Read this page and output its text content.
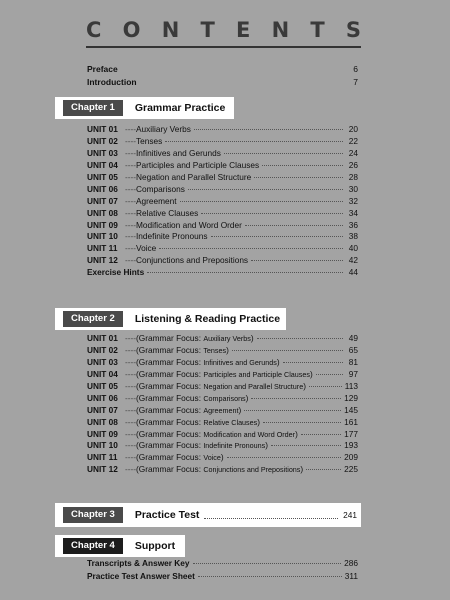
C O N T E N T S
Preface	6
Introduction	7
Chapter 1	Grammar Practice
UNIT 01 ---- Auxiliary Verbs	20
UNIT 02 ---- Tenses	22
UNIT 03 ---- Infinitives and Gerunds	24
UNIT 04 ---- Participles and Participle Clauses	26
UNIT 05 ---- Negation and Parallel Structure	28
UNIT 06 ---- Comparisons	30
UNIT 07 ---- Agreement	32
UNIT 08 ---- Relative Clauses	34
UNIT 09 ---- Modification and Word Order	36
UNIT 10 ---- Indefinite Pronouns	38
UNIT 11 ---- Voice	40
UNIT 12 ---- Conjunctions and Prepositions	42
Exercise Hints	44
Chapter 2	Listening & Reading Practice
UNIT 01 ---- (Grammar Focus: Auxiliary Verbs)	49
UNIT 02 ---- (Grammar Focus: Tenses)	65
UNIT 03 ---- (Grammar Focus: Infinitives and Gerunds)	81
UNIT 04 ---- (Grammar Focus: Participles and Participle Clauses)	97
UNIT 05 ---- (Grammar Focus: Negation and Parallel Structure)	113
UNIT 06 ---- (Grammar Focus: Comparisons)	129
UNIT 07 ---- (Grammar Focus: Agreement)	145
UNIT 08 ---- (Grammar Focus: Relative Clauses)	161
UNIT 09 ---- (Grammar Focus: Modification and Word Order)	177
UNIT 10 ---- (Grammar Focus: Indefinite Pronouns)	193
UNIT 11 ---- (Grammar Focus: Voice)	209
UNIT 12 ---- (Grammar Focus: Conjunctions and Prepositions)	225
Chapter 3	Practice Test	241
Chapter 4	Support
Transcripts & Answer Key	286
Practice Test Answer Sheet	311
